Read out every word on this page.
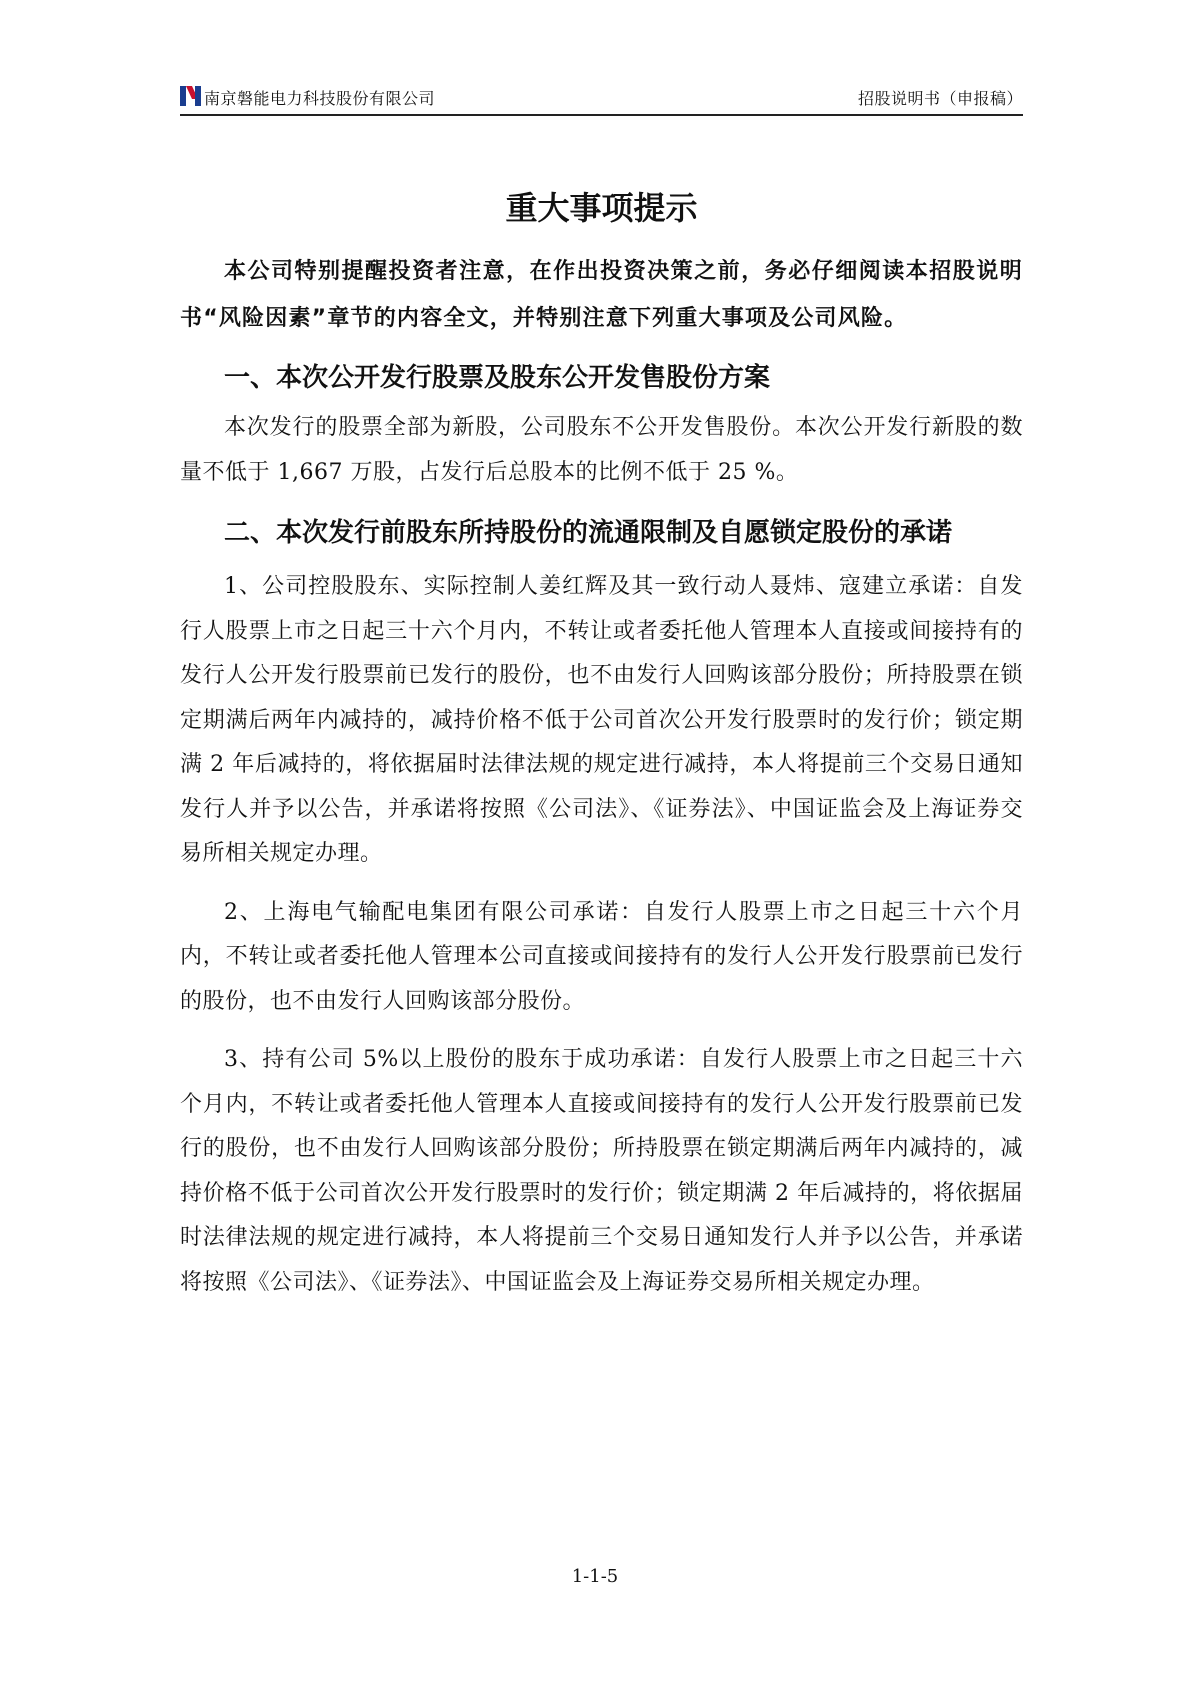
南京磐能电力科技股份有限公司	招股说明书（申报稿）
重大事项提示

本公司特别提醒投资者注意，在作出投资决策之前，务必仔细阅读本招股说明书“风险因素”章节的内容全文，并特别注意下列重大事项及公司风险。

一、本次公开发行股票及股东公开发售股份方案

本次发行的股票全部为新股，公司股东不公开发售股份。本次公开发行新股的数量不低于 1,667 万股，占发行后总股本的比例不低于 25 %。

二、本次发行前股东所持股份的流通限制及自愿锁定股份的承诺

1、公司控股股东、实际控制人姜红辉及其一致行动人聂炜、寇建立承诺：自发行人股票上市之日起三十六个月内，不转让或者委托他人管理本人直接或间接持有的发行人公开发行股票前已发行的股份，也不由发行人回购该部分股份；所持股票在锁定期满后两年内减持的，减持价格不低于公司首次公开发行股票时的发行价；锁定期满 2 年后减持的，将依据届时法律法规的规定进行减持，本人将提前三个交易日通知发行人并予以公告，并承诺将按照《公司法》、《证券法》、中国证监会及上海证券交易所相关规定办理。

2、上海电气输配电集团有限公司承诺：自发行人股票上市之日起三十六个月内，不转让或者委托他人管理本公司直接或间接持有的发行人公开发行股票前已发行的股份，也不由发行人回购该部分股份。

3、持有公司 5%以上股份的股东于成功承诺：自发行人股票上市之日起三十六个月内，不转让或者委托他人管理本人直接或间接持有的发行人公开发行股票前已发行的股份，也不由发行人回购该部分股份；所持股票在锁定期满后两年内减持的，减持价格不低于公司首次公开发行股票时的发行价；锁定期满 2 年后减持的，将依据届时法律法规的规定进行减持，本人将提前三个交易日通知发行人并予以公告，并承诺将按照《公司法》、《证券法》、中国证监会及上海证券交易所相关规定办理。

1-1-5
